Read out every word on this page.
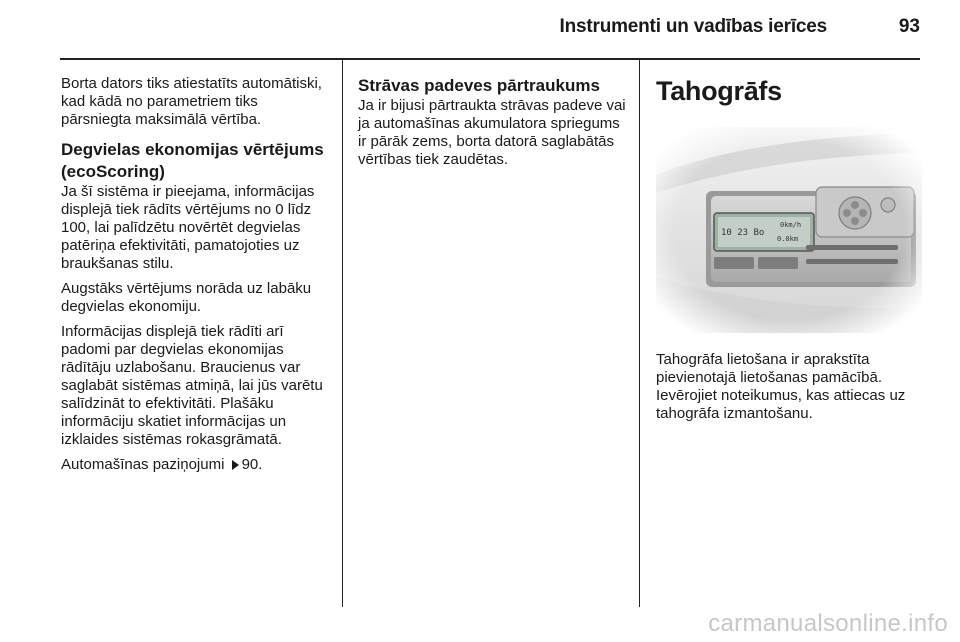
Instrumenti un vadības ierīces	93

Borta dators tiks atiestatīts automātiski, kad kādā no parametriem tiks pārsniegta maksimālā vērtība.

Degvielas ekonomijas vērtējums (ecoScoring)

Ja šī sistēma ir pieejama, informācijas displejā tiek rādīts vērtējums no 0 līdz 100, lai palīdzētu novērtēt degvielas patēriņa efektivitāti, pamatojoties uz braukšanas stilu.

Augstāks vērtējums norāda uz labāku degvielas ekonomiju.

Informācijas displejā tiek rādīti arī padomi par degvielas ekonomijas rādītāju uzlabošanu. Braucienus var saglabāt sistēmas atmiņā, lai jūs varētu salīdzināt to efektivitāti. Plašāku informāciju skatiet informācijas un izklaides sistēmas rokasgrāmatā.

Automašīnas paziņojumi 90.

Strāvas padeves pārtraukums

Ja ir bijusi pārtraukta strāvas padeve vai ja automašīnas akumulatora spriegums ir pārāk zems, borta datorā saglabātās vērtības tiek zaudētas.

Tahogrāfs

Tahogrāfa lietošana ir aprakstīta pievienotajā lietošanas pamācībā. Ievērojiet noteikumus, kas attiecas uz tahogrāfa izmantošanu.

carmanualsonline.info
